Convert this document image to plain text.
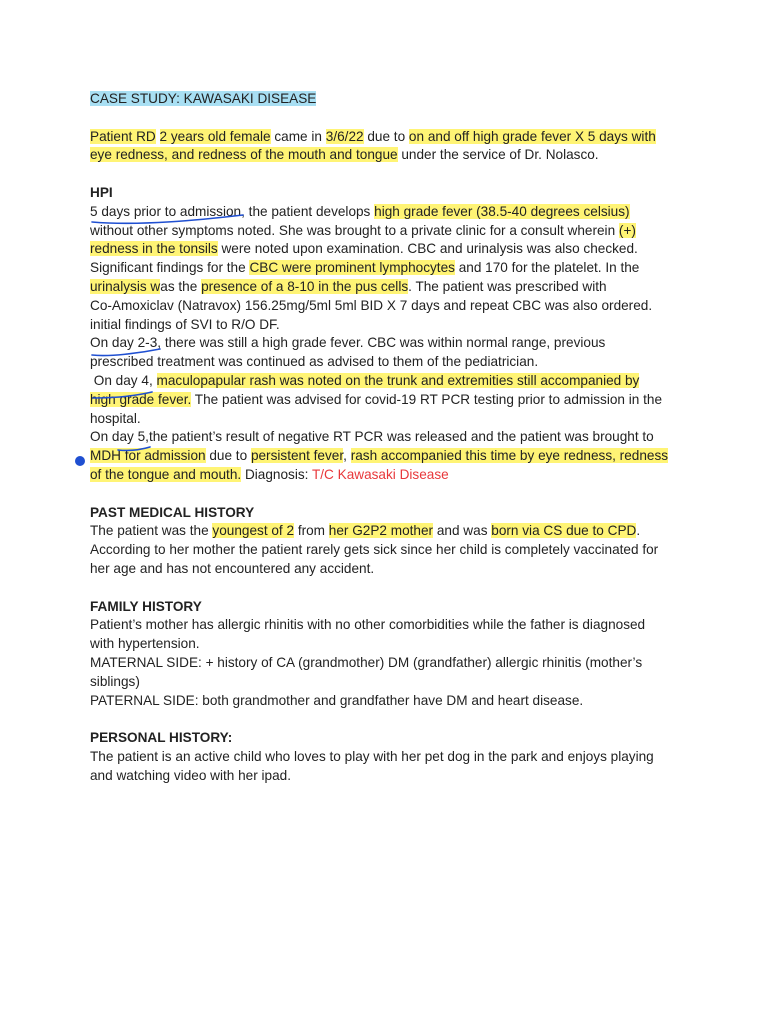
CASE STUDY: KAWASAKI DISEASE
Patient RD 2 years old female came in 3/6/22 due to on and off high grade fever X 5 days with
eye redness, and redness of the mouth and tongue under the service of Dr. Nolasco.
HPI
5 days prior to admission, the patient develops high grade fever (38.5-40 degrees celsius)
without other symptoms noted. She was brought to a private clinic for a consult wherein (+)
redness in the tonsils were noted upon examination. CBC and urinalysis was also checked.
Significant findings for the CBC were prominent lymphocytes and 170 for the platelet. In the
urinalysis was the presence of a 8-10 in the pus cells. The patient was prescribed with
Co-Amoxiclav (Natravox) 156.25mg/5ml 5ml BID X 7 days and repeat CBC was also ordered.
initial findings of SVI to R/O DF.
On day 2-3, there was still a high grade fever. CBC was within normal range, previous
prescribed treatment was continued as advised to them of the pediatrician.
On day 4, maculopapular rash was noted on the trunk and extremities still accompanied by
high grade fever. The patient was advised for covid-19 RT PCR testing prior to admission in the
hospital.
On day 5,the patient’s result of negative RT PCR was released and the patient was brought to
MDH for admission due to persistent fever, rash accompanied this time by eye redness, redness
of the tongue and mouth. Diagnosis: T/C Kawasaki Disease
PAST MEDICAL HISTORY
The patient was the youngest of 2 from her G2P2 mother and was born via CS due to CPD.
According to her mother the patient rarely gets sick since her child is completely vaccinated for
her age and has not encountered any accident.
FAMILY HISTORY
Patient’s mother has allergic rhinitis with no other comorbidities while the father is diagnosed
with hypertension.
MATERNAL SIDE: + history of CA (grandmother) DM (grandfather) allergic rhinitis (mother’s
siblings)
PATERNAL SIDE: both grandmother and grandfather have DM and heart disease.
PERSONAL HISTORY:
The patient is an active child who loves to play with her pet dog in the park and enjoys playing
and watching video with her ipad.
